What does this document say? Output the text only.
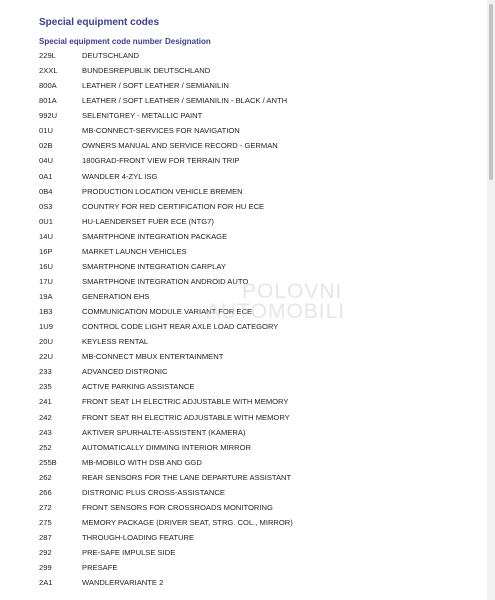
Special equipment codes
Special equipment code number Designation
229L	DEUTSCHLAND
2XXL	BUNDESREPUBLIK DEUTSCHLAND
800A	LEATHER / SOFT LEATHER / SEMIANILIN
801A	LEATHER / SOFT LEATHER / SEMIANILIN - BLACK / ANTH
992U	SELENITGREY - METALLIC PAINT
01U	MB-CONNECT-SERVICES FOR NAVIGATION
02B	OWNERS MANUAL AND SERVICE RECORD - GERMAN
04U	180GRAD-FRONT VIEW FOR TERRAIN TRIP
0A1	WANDLER 4-ZYL ISG
0B4	PRODUCTION LOCATION VEHICLE BREMEN
0S3	COUNTRY FOR RED CERTIFICATION FOR HU ECE
0U1	HU-LAENDERSET FUER ECE (NTG7)
14U	SMARTPHONE INTEGRATION PACKAGE
16P	MARKET LAUNCH VEHICLES
16U	SMARTPHONE INTEGRATION CARPLAY
17U	SMARTPHONE INTEGRATION ANDROID AUTO
19A	GENERATION EHS
1B3	COMMUNICATION MODULE VARIANT FOR ECE
1U9	CONTROL CODE LIGHT REAR AXLE LOAD CATEGORY
20U	KEYLESS RENTAL
22U	MB-CONNECT MBUX ENTERTAINMENT
233	ADVANCED DISTRONIC
235	ACTIVE PARKING ASSISTANCE
241	FRONT SEAT LH ELECTRIC ADJUSTABLE WITH MEMORY
242	FRONT SEAT RH ELECTRIC ADJUSTABLE WITH MEMORY
243	AKTIVER SPURHALTE-ASSISTENT (KAMERA)
252	AUTOMATICALLY DIMMING INTERIOR MIRROR
255B	MB-MOBILO WITH DSB AND GGD
262	REAR SENSORS FOR THE LANE DEPARTURE ASSISTANT
266	DISTRONIC PLUS CROSS-ASSISTANCE
272	FRONT SENSORS FOR CROSSROADS MONITORING
275	MEMORY PACKAGE (DRIVER SEAT, STRG. COL., MIRROR)
287	THROUGH-LOADING FEATURE
292	PRE-SAFE IMPULSE SIDE
299	PRESAFE
2A1	WANDLERVARIANTE 2
POLOVNI
AUTOMOBILI
